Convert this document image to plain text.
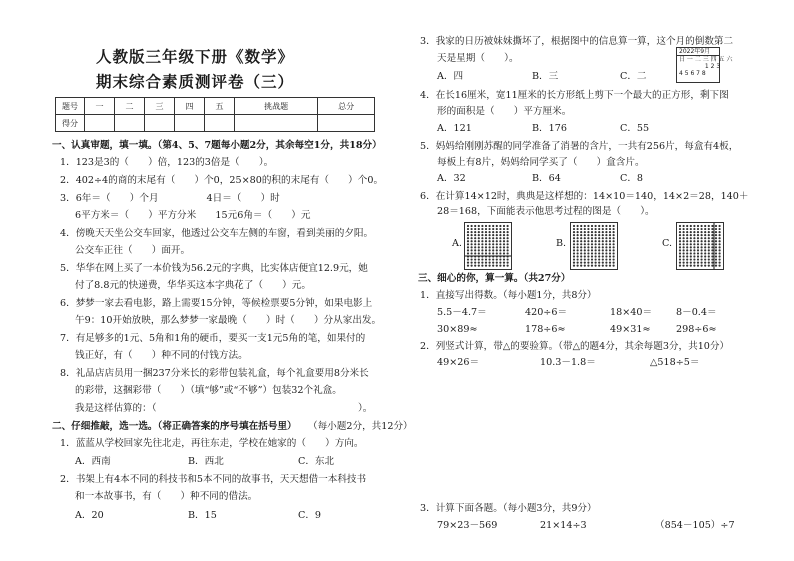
人教版三年级下册《数学》
期末综合素质测评卷（三）
题号	一	二	三	四	五	挑战题	总分
得分							
一、认真审题，填一填。（第4、5、7题每小题2分，其余每空1分，共18分）
1．123是3的（　　）倍，123的3倍是（　　）。
2．402÷4的商的末尾有（　　）个0，25×80的积的末尾有（　　）个0。
3．6年＝（　　）个月　　　　　4日＝（　　）时
6平方米＝（　　）平方分米　　15元6角＝（　　）元
4．傍晚天天坐公交车回家，他透过公交车左侧的车窗，看到美丽的夕阳。
公交车正往（　　）面开。
5．华华在网上买了一本价钱为56.2元的字典，比实体店便宜12.9元，她
付了8.8元的快递费，华华买这本字典花了（　　）元。
6．梦梦一家去看电影，路上需要15分钟，等候检票要5分钟，如果电影上
午9：10开始放映，那么梦梦一家最晚（　　）时（　　）分从家出发。
7．有足够多的1元、5角和1角的硬币，要买一支1元5角的笔，如果付的
钱正好，有（　　）种不同的付钱方法。
8．礼品店店员用一捆237分米长的彩带包装礼盒，每个礼盒要用8分米长
的彩带，这捆彩带（　　）（填“够”或“不够”）包装32个礼盒。
我是这样估算的：（　　　　　　　　　　　　　　　　　　　　　）。
二、仔细推敲，选一选。（将正确答案的序号填在括号里） （每小题2分，共12分）
1．蓝蓝从学校回家先往北走，再往东走，学校在她家的（　　）方向。
A．西南	B．西北	C．东北
2．书架上有4本不同的科技书和5本不同的故事书，天天想借一本科技书
和一本故事书，有（　　）种不同的借法。
A．20	B．15	C．9
3．我家的日历被妹妹撕坏了，根据图中的信息算一算，这个月的倒数第二
天是星期（　　）。
A．四	B．三	C．二
2022年9月
日 一 二 三 四 五 六
　　　　 1 2 3
4 5 6 7 8
4．在长16厘米，宽11厘米的长方形纸上剪下一个最大的正方形，剩下图
形的面积是（　　）平方厘米。
A．121	B．176	C．55
5．妈妈给刚刚苏醒的同学准备了消暑的含片，一共有256片，每盒有4板，
每板上有8片，妈妈给同学买了（　　）盒含片。
A．32	B．64	C．8
6．在计算14×12时，典典是这样想的：14×10＝140，14×2＝28，140＋
28＝168，下面能表示他思考过程的图是（　　）。
A.	B.	C.
三、细心的你，算一算。（共27分）
1．直接写出得数。（每小题1分，共8分）
5.5－4.7＝	420÷6＝	18×40＝ 8－0.4＝
30×89≈	178÷6≈	49×31≈	298÷6≈
2．列竖式计算，带△的要验算。（带△的题4分，其余每题3分，共10分）
49×26＝	10.3－1.8＝	△518÷5＝
3．计算下面各题。（每小题3分，共9分）
79×23－569	21×14÷3	（854－105）÷7
